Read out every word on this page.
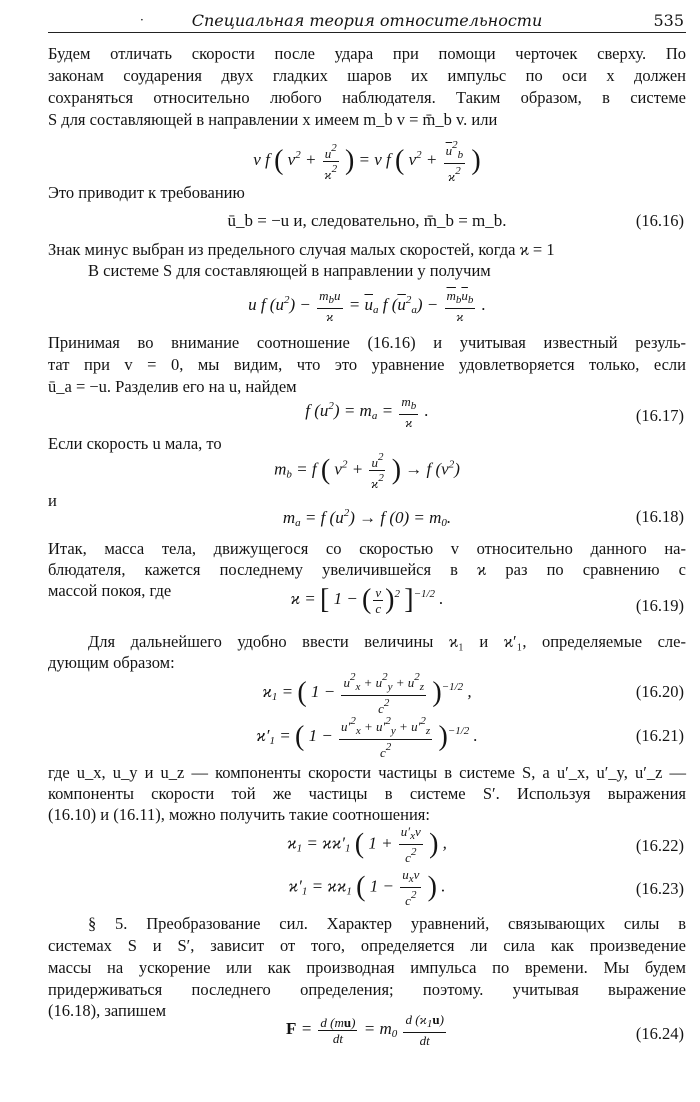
·	Специальная теория относительности	535
Будем отличать скорости после удара при помощи черточек сверху. По
законам соударения двух гладких шаров их импульс по оси x должен
сохраняться относительно любого наблюдателя. Таким образом, в системе
S для составляющей в направлении x имеем m_b v = m̄_b v. или
v f ( $v^2 + \frac{u^2}{ϰ^2}$ ) = v f ( $v^2 + \frac{\overline{u}^2_b}{ϰ^2}$ )
Это приводит к требованию
ū_b = −u и, следовательно, m̄_b = m_b.	(16.16)
Знак минус выбран из предельного случая малых скоростей, когда ϰ = 1
В системе S для составляющей в направлении y получим
u f $(u^2) - \frac{m_bu}{ϰ} = \overline{u}_a$ f $(\overline{u}^2_a) - \frac{\overline{m}_b\overline{u}_b}{ϰ}$ .
Принимая во внимание соотношение (16.16) и учитывая известный резуль-
тат при v = 0, мы видим, что это уравнение удовлетворяется только, если
ū_a = −u. Разделив его на u, найдем
f $(u^2) = m_a = \frac{m_b}{ϰ}$ .	(16.17)
Если скорость u мала, то
$m_b = f$ ( $v^2 + \frac{u^2}{ϰ^2}$ ) → f $(v^2)$
и
$m_a = f$ $(u^2) \to f$ $(0) = m_0$.	(16.18)
Итак, масса тела, движущегося со скоростью v относительно данного на-
блюдателя, кажется последнему увеличившейся в ϰ раз по сравнению с
массой покоя, где	ϰ = [ 1 − ( $\frac{v}{c} )^2$ ]$^{-1/2}$ .	(16.19)
Для дальнейшего удобно ввести величины ϰ₁ и ϰ′₁, определяемые сле-
дующим образом:
$ϰ_1$ = ( $1 - \frac{u^2_x + u^2_y + u^2_z}{c^2} )^{-1/2}$ ,	(16.20)
$ϰ'_1$ = ( $1 - \frac{u'^2_x + u'^2_y + u'^2_z}{c^2} )^{-1/2}$ .	(16.21)
где u_x, u_y и u_z — компоненты скорости частицы в системе S, а u′_x, u′_y, u′_z —
компоненты скорости той же частицы в системе S′. Используя выражения
(16.10) и (16.11), можно получить такие соотношения:
$ϰ_1 = ϰϰ'_1$ ( $1 + \frac{u'_xv}{c^2}$ ) ,	(16.22)
$ϰ'_1 = ϰϰ_1$ ( $1 - \frac{u_xv}{c^2}$ ) .	(16.23)
§ 5. Преобразование сил. Характер уравнений, связывающих силы в
системах S и S′, зависит от того, определяется ли сила как произведение
массы на ускорение или как производная импульса по времени. Мы будем
придерживаться последнего определения; поэтому. учитывая выражение
(16.18), запишем
$F = \frac{d (mu)}{dt} = m_0 \frac{d (ϰ_1u)}{dt}$	(16.24)
